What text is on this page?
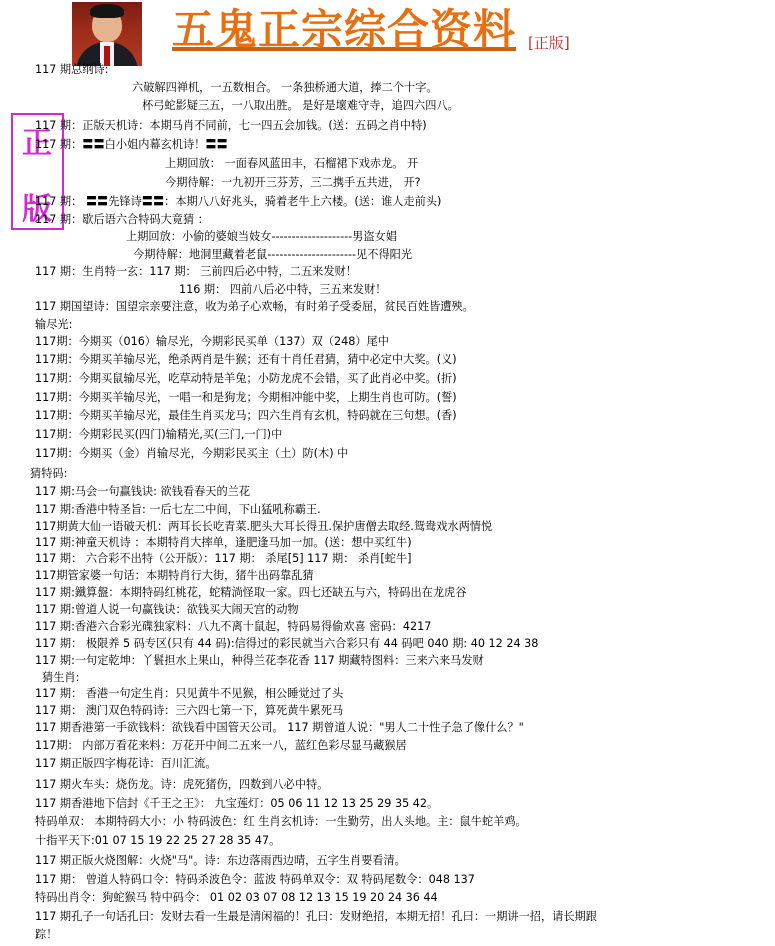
五鬼正宗综合资料 [正版]
正
版
117 期总纲诗:
六破解四禅机，一五数相合。 一条独桥通大道，捧二个十字。
杯弓蛇影疑三五，一八取出胜。 是好是壞难守寺，追四六四八。
117 期：正版天机诗：本期马肖不同前，七一四五会加钱。(送：五码之肖中特)
117 期：〓〓白小姐内幕玄机诗！〓〓
上期回放： 一面春风蓝田丰，石榴裙下戏赤龙。 开
今期待解：一九初开三芬芳，三二携手五共进， 开?
117 期： 〓〓先锋诗〓〓：本期八八好兆头，骑着老牛上六楼。(送：谁人走前头)
117 期：歇后语六合特码大竟猜 ：
上期回放：小偷的婆娘当妓女--------------------男盗女娼
今期待解：地洞里藏着老鼠----------------------见不得阳光
117 期：生肖特一玄：117 期： 三前四后必中特，二五来发财！
116 期： 四前八后必中特，三五来发财！
117 期国望诗：国望宗亲要注意，收为弟子心欢畅，有时弟子受委屈，贫民百姓皆遭殃。
输尽光:
117期：今期买（016）输尽光，今期彩民买单（137）双（248）尾中
117期：今期买羊输尽光，绝杀两肖是牛猴；还有十肖任君猜，猜中必定中大奖。(义)
117期：今期买鼠输尽光，吃草动特是羊兔；小防龙虎不会错，买了此肖必中奖。(折)
117期：今期买羊输尽光，一唱一和是狗龙；今期相冲能中奖，上期生肖也可防。(誓)
117期：今期买羊输尽光，最佳生肖买龙马；四六生肖有玄机，特码就在三句想。(香)
117期：今期彩民买(四门)输精光,买(三门,一门)中
117期：今期买（金）肖输尽光，今期彩民买主（土）防(木) 中
猜特码:
117 期:马会一句赢钱诀: 欲钱看春天的兰花
117 期:香港中特圣旨: 一后七左二中间，下山猛吼称霸王.
117期黄大仙一语破天机：两耳长长吃青菜.肥头大耳长得丑.保护唐僧去取经.鸳鸯戏水两情悦
117 期:神童天机诗 ：本期特肖大摔单，逢肥逢马加一加。(送：想中买红牛)
117 期： 六合彩不出特（公开版）：117 期： 杀尾[5] 117 期： 杀肖[蛇牛]
117期管家婆一句话：本期特肖行大街，猪牛出码靠乱猜
117 期:鐵算盤：本期特码红桃花，蛇精淌怪取一家。四七还缺五与六，特码出在龙虎谷
117 期:曾道人说一句赢钱诀：欲钱买大闹天宫的动物
117 期:香港六合彩光碟独家料：八九不离十鼠起，特码易得偷欢喜 密码：4217
117 期： 极限养 5 码专区(只有 44 码):信得过的彩民就当六合彩只有 44 码吧 040 期: 40 12 24 38
117 期:一句定乾坤：丫鬟担水上果山，种得兰花李花香 117 期藏特图料：三来六来马发财
猜生肖:
117 期： 香港一句定生肖：只见黄牛不见猴，相公睡觉过了头
117 期： 澳门双色特码诗：三六四七第一下，算死黄牛累死马
117 期香港第一手欲钱料：欲钱看中国管天公司。 117 期曾道人说："男人二十性子急了像什么？"
117期： 内部万看花来料：万花开中间二五来一八，蓝红色彩尽显马藏猴居
117 期正版四字梅花诗：百川汇流。
117 期火车头：烧伤龙。诗：虎死猪伤，四数到八必中特。
117 期香港地下信封《千王之王》： 九宝莲灯：05 06 11 12 13 25 29 35 42。
特码单双： 本期特码大小：小 特码波色：红 生肖玄机诗：一生勤劳，出人头地。主：鼠牛蛇羊鸡。
十指平天下:01 07 15 19 22 25 27 28 35 47。
117 期正版火烧图解：火烧"马"。诗：东边落雨西边晴，五字生肖要看清。
117 期： 曾道人特码口令：特码杀波色令：蓝波 特码单双令：双 特码尾数令：048 137
特码出肖令：狗蛇猴马 特中码令： 01 02 03 07 08 12 13 15 19 20 24 36 44
117 期孔子一句话孔曰：发财去看一生最是清闲福的！孔曰：发财绝招，本期无招！孔曰：一期讲一招，请长期跟
踪！
